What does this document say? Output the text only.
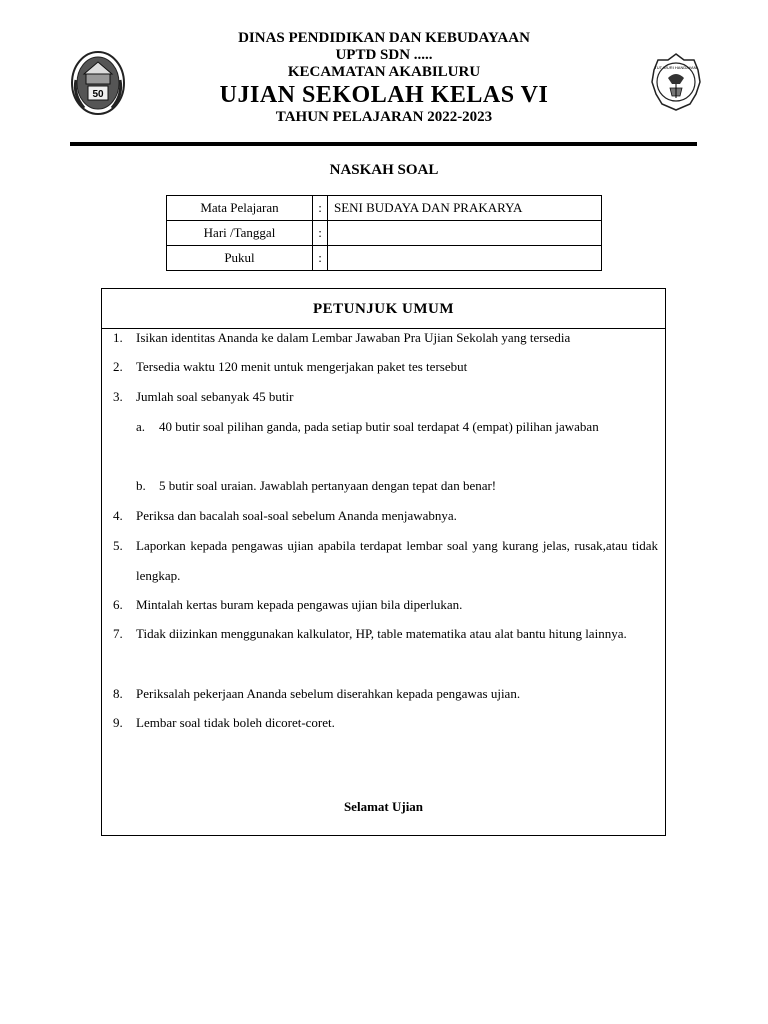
50
TUT WURI HANDAYANI
DINAS PENDIDIKAN DAN KEBUDAYAAN
UPTD SDN .....
KECAMATAN AKABILURU
UJIAN SEKOLAH KELAS VI
TAHUN PELAJARAN 2022-2023
NASKAH SOAL
Mata Pelajaran	:	SENI BUDAYA DAN PRAKARYA
Hari /Tanggal	:	
Pukul	:	
PETUNJUK UMUM
1. Isikan identitas Ananda ke dalam Lembar Jawaban Pra Ujian Sekolah yang tersedia
2. Tersedia waktu 120 menit untuk mengerjakan paket tes tersebut
3. Jumlah soal sebanyak 45 butir
a. 40 butir soal pilihan ganda, pada setiap butir soal terdapat 4 (empat) pilihan jawaban
b. 5 butir soal uraian. Jawablah pertanyaan dengan tepat dan benar!
4. Periksa dan bacalah soal-soal sebelum Ananda menjawabnya.
5. Laporkan kepada pengawas ujian apabila terdapat lembar soal yang kurang jelas, rusak,atau tidak lengkap.
6. Mintalah kertas buram kepada pengawas ujian bila diperlukan.
7. Tidak diizinkan menggunakan kalkulator, HP, table matematika atau alat bantu hitung lainnya.
8. Periksalah pekerjaan Ananda sebelum diserahkan kepada pengawas ujian.
9. Lembar soal tidak boleh dicoret-coret.
Selamat Ujian
